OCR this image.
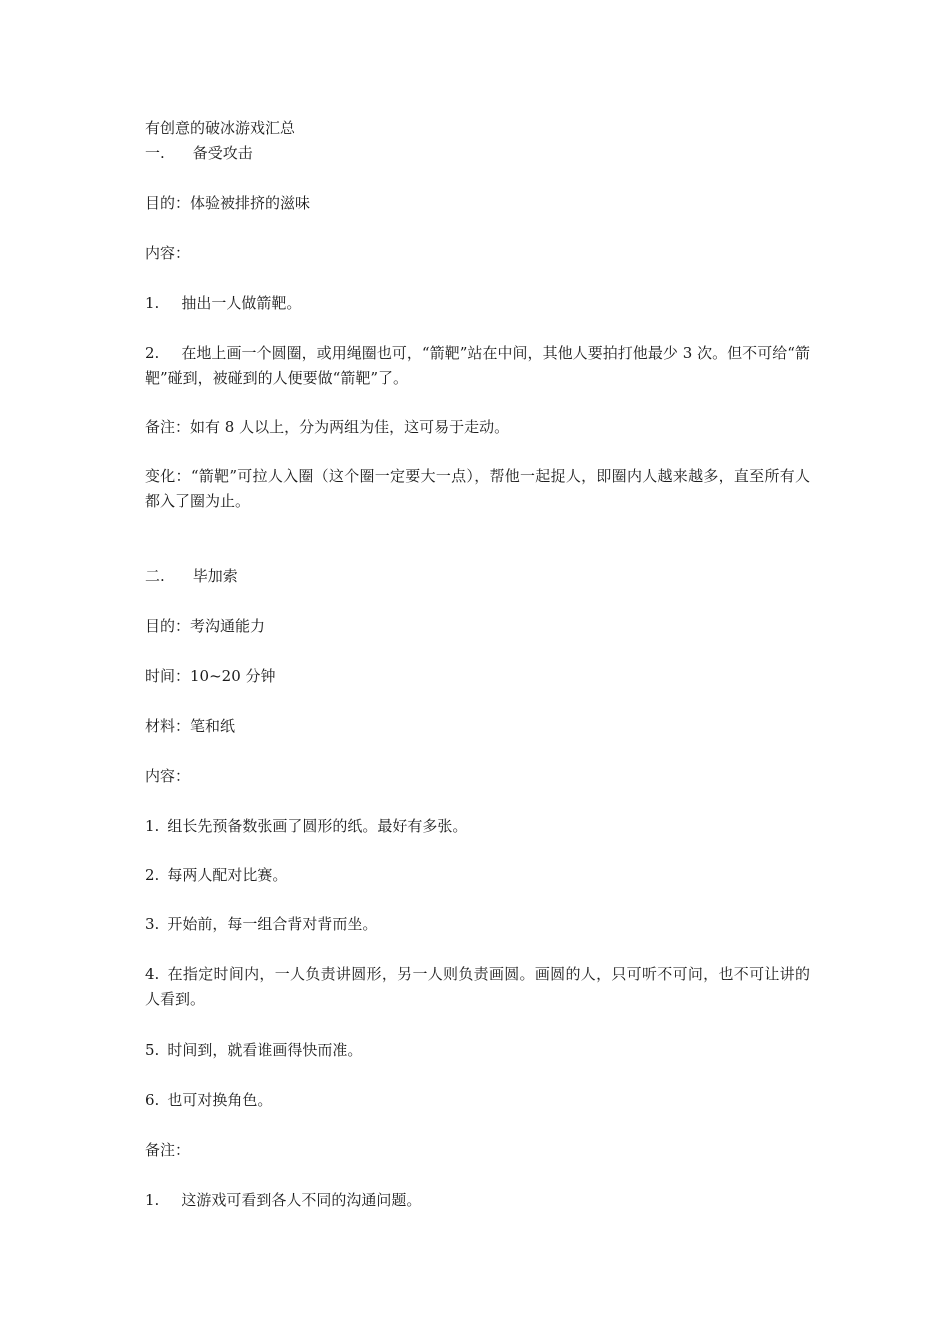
有创意的破冰游戏汇总
一. 备受攻击
目的：体验被排挤的滋味
内容：
1. 抽出一人做箭靶。
2. 在地上画一个圆圈，或用绳圈也可，“箭靶”站在中间，其他人要拍打他最少 3 次。但不可给“箭靶”碰到，被碰到的人便要做“箭靶”了。
备注：如有 8 人以上，分为两组为佳，这可易于走动。
变化：“箭靶”可拉人入圈（这个圈一定要大一点），帮他一起捉人，即圈内人越来越多，直至所有人都入了圈为止。
二. 毕加索
目的：考沟通能力
时间：10~20 分钟
材料：笔和纸
内容：
1. 组长先预备数张画了圆形的纸。最好有多张。
2. 每两人配对比赛。
3. 开始前，每一组合背对背而坐。
4. 在指定时间内，一人负责讲圆形，另一人则负责画圆。画圆的人，只可听不可问，也不可让讲的人看到。
5. 时间到，就看谁画得快而准。
6. 也可对换角色。
备注：
1. 这游戏可看到各人不同的沟通问题。
